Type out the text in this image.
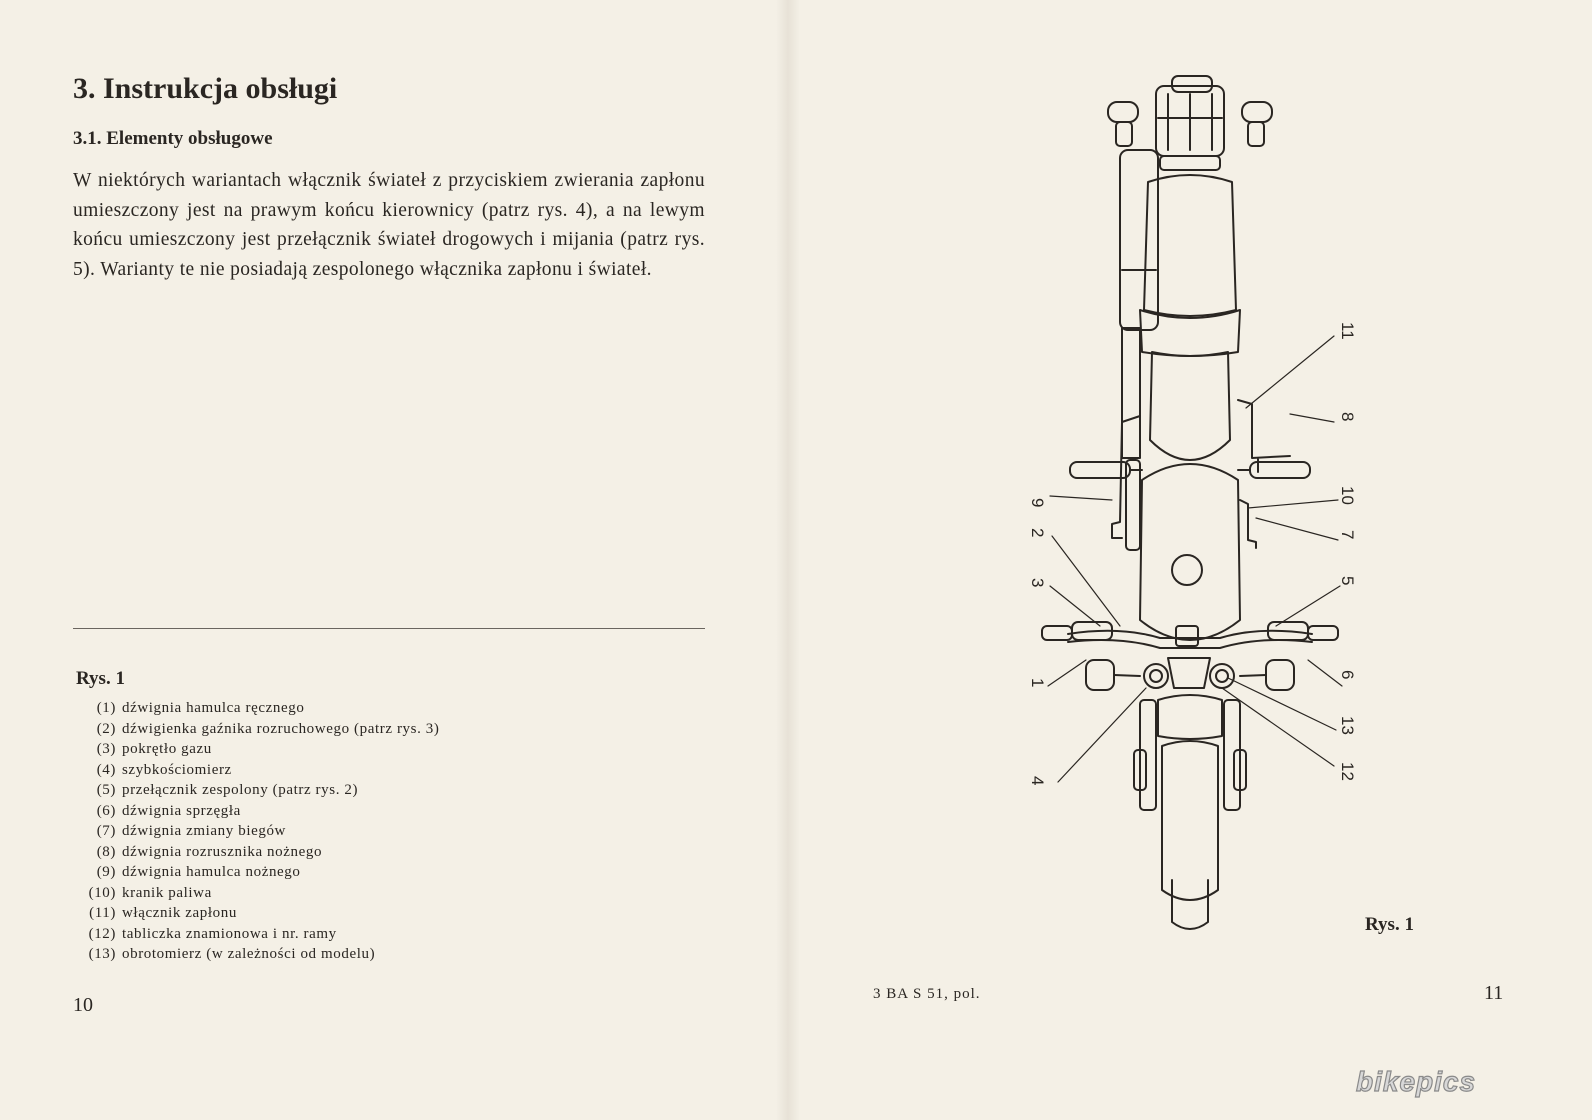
3. Instrukcja obsługi
3.1. Elementy obsługowe

W niektórych wariantach włącznik świateł z przyciskiem zwierania zapłonu umieszczony jest na prawym końcu kierownicy (patrz rys. 4), a na lewym końcu umieszczony jest przełącznik świateł drogowych i mijania (patrz rys. 5). Warianty te nie posiadają zespolonego włącznika zapłonu i świateł.

Rys. 1
(1) dźwignia hamulca ręcznego
(2) dźwigienka gaźnika rozruchowego (patrz rys. 3)
(3) pokrętło gazu
(4) szybkościomierz
(5) przełącznik zespolony (patrz rys. 2)
(6) dźwignia sprzęgła
(7) dźwignia zmiany biegów
(8) dźwignia rozrusznika nożnego
(9) dźwignia hamulca nożnego
(10) kranik paliwa
(11) włącznik zapłonu
(12) tabliczka znamionowa i nr. ramy
(13) obrotomierz (w zależności od modelu)
10
9
2
3
1
4
11
8
10
7
5
6
13
12
Rys. 1
3 BA S 51, pol.	11
bikepics
